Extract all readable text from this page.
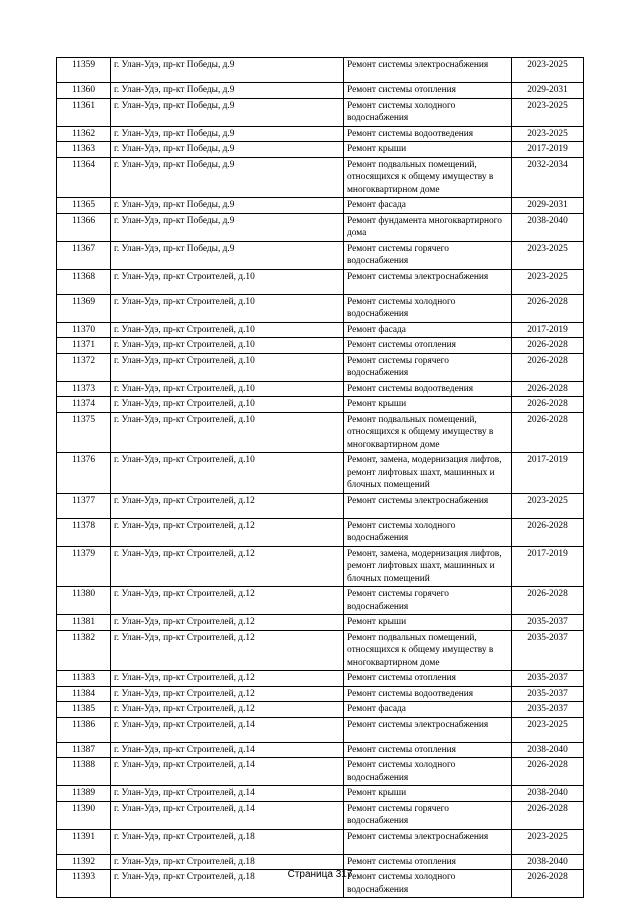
11359	г. Улан-Удэ, пр-кт Победы, д.9	Ремонт системы электроснабжения	2023-2025
11360	г. Улан-Удэ, пр-кт Победы, д.9	Ремонт системы отопления	2029-2031
11361	г. Улан-Удэ, пр-кт Победы, д.9	Ремонт системы холодного водоснабжения	2023-2025
11362	г. Улан-Удэ, пр-кт Победы, д.9	Ремонт системы водоотведения	2023-2025
11363	г. Улан-Удэ, пр-кт Победы, д.9	Ремонт крыши	2017-2019
11364	г. Улан-Удэ, пр-кт Победы, д.9	Ремонт подвальных помещений, относящихся к общему имуществу в многоквартирном доме	2032-2034
11365	г. Улан-Удэ, пр-кт Победы, д.9	Ремонт фасада	2029-2031
11366	г. Улан-Удэ, пр-кт Победы, д.9	Ремонт фундамента многоквартирного дома	2038-2040
11367	г. Улан-Удэ, пр-кт Победы, д.9	Ремонт системы горячего водоснабжения	2023-2025
11368	г. Улан-Удэ, пр-кт Строителей, д.10	Ремонт системы электроснабжения	2023-2025
11369	г. Улан-Удэ, пр-кт Строителей, д.10	Ремонт системы холодного водоснабжения	2026-2028
11370	г. Улан-Удэ, пр-кт Строителей, д.10	Ремонт фасада	2017-2019
11371	г. Улан-Удэ, пр-кт Строителей, д.10	Ремонт системы отопления	2026-2028
11372	г. Улан-Удэ, пр-кт Строителей, д.10	Ремонт системы горячего водоснабжения	2026-2028
11373	г. Улан-Удэ, пр-кт Строителей, д.10	Ремонт системы водоотведения	2026-2028
11374	г. Улан-Удэ, пр-кт Строителей, д.10	Ремонт крыши	2026-2028
11375	г. Улан-Удэ, пр-кт Строителей, д.10	Ремонт подвальных помещений, относящихся к общему имуществу в многоквартирном доме	2026-2028
11376	г. Улан-Удэ, пр-кт Строителей, д.10	Ремонт, замена, модернизация лифтов, ремонт лифтовых шахт, машинных и блочных помещений	2017-2019
11377	г. Улан-Удэ, пр-кт Строителей, д.12	Ремонт системы электроснабжения	2023-2025
11378	г. Улан-Удэ, пр-кт Строителей, д.12	Ремонт системы холодного водоснабжения	2026-2028
11379	г. Улан-Удэ, пр-кт Строителей, д.12	Ремонт, замена, модернизация лифтов, ремонт лифтовых шахт, машинных и блочных помещений	2017-2019
11380	г. Улан-Удэ, пр-кт Строителей, д.12	Ремонт системы горячего водоснабжения	2026-2028
11381	г. Улан-Удэ, пр-кт Строителей, д.12	Ремонт крыши	2035-2037
11382	г. Улан-Удэ, пр-кт Строителей, д.12	Ремонт подвальных помещений, относящихся к общему имуществу в многоквартирном доме	2035-2037
11383	г. Улан-Удэ, пр-кт Строителей, д.12	Ремонт системы отопления	2035-2037
11384	г. Улан-Удэ, пр-кт Строителей, д.12	Ремонт системы водоотведения	2035-2037
11385	г. Улан-Удэ, пр-кт Строителей, д.12	Ремонт фасада	2035-2037
11386	г. Улан-Удэ, пр-кт Строителей, д.14	Ремонт системы электроснабжения	2023-2025
11387	г. Улан-Удэ, пр-кт Строителей, д.14	Ремонт системы отопления	2038-2040
11388	г. Улан-Удэ, пр-кт Строителей, д.14	Ремонт системы холодного водоснабжения	2026-2028
11389	г. Улан-Удэ, пр-кт Строителей, д.14	Ремонт крыши	2038-2040
11390	г. Улан-Удэ, пр-кт Строителей, д.14	Ремонт системы горячего водоснабжения	2026-2028
11391	г. Улан-Удэ, пр-кт Строителей, д.18	Ремонт системы электроснабжения	2023-2025
11392	г. Улан-Удэ, пр-кт Строителей, д.18	Ремонт системы отопления	2038-2040
11393	г. Улан-Удэ, пр-кт Строителей, д.18	Ремонт системы холодного водоснабжения	2026-2028
Страница 317
